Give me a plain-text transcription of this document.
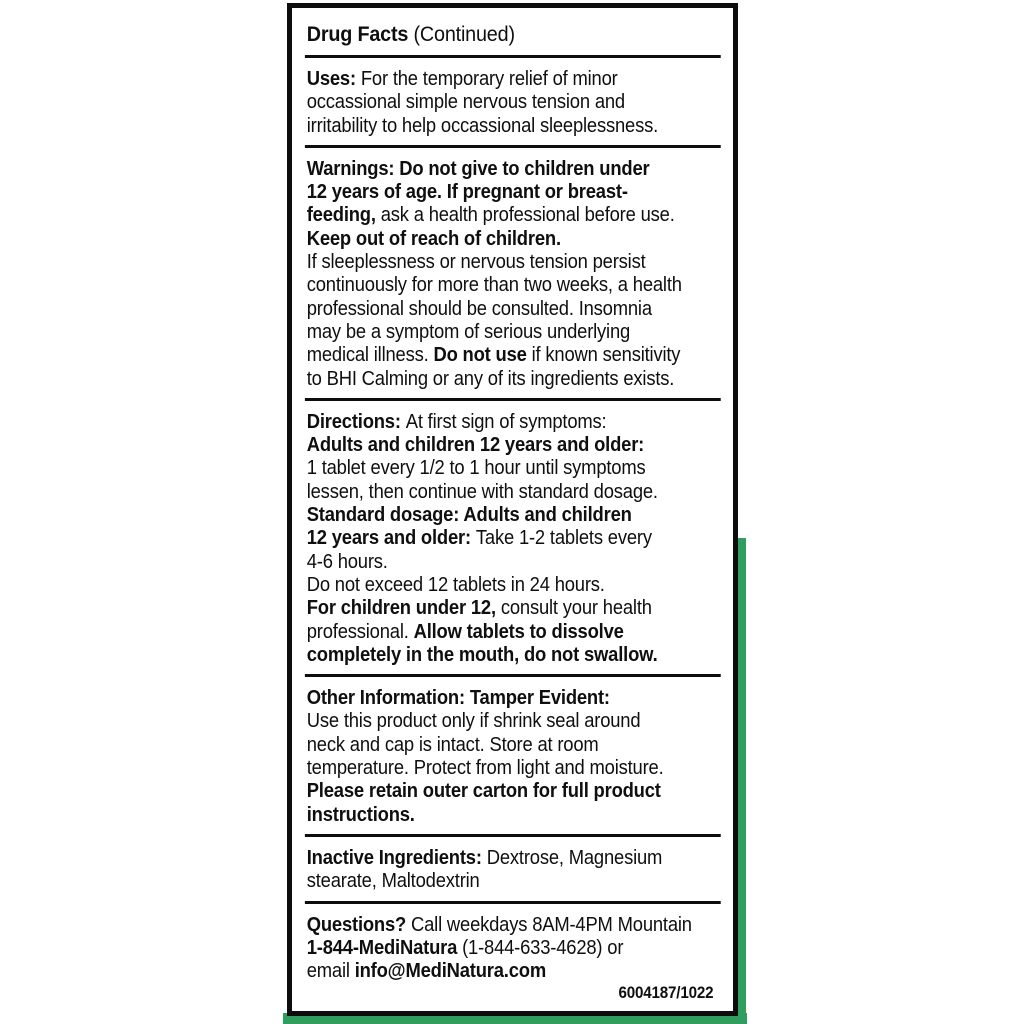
Drug Facts (Continued)
Uses: For the temporary relief of minor
occassional simple nervous tension and
irritability to help occassional sleeplessness.
Warnings: Do not give to children under
12 years of age. If pregnant or breast-
feeding, ask a health professional before use.
Keep out of reach of children.
If sleeplessness or nervous tension persist
continuously for more than two weeks, a health
professional should be consulted. Insomnia
may be a symptom of serious underlying
medical illness. Do not use if known sensitivity
to BHI Calming or any of its ingredients exists.
Directions: At first sign of symptoms:
Adults and children 12 years and older:
1 tablet every 1/2 to 1 hour until symptoms
lessen, then continue with standard dosage.
Standard dosage: Adults and children
12 years and older: Take 1-2 tablets every
4-6 hours.
Do not exceed 12 tablets in 24 hours.
For children under 12, consult your health
professional. Allow tablets to dissolve
completely in the mouth, do not swallow.
Other Information: Tamper Evident:
Use this product only if shrink seal around
neck and cap is intact. Store at room
temperature. Protect from light and moisture.
Please retain outer carton for full product
instructions.
Inactive Ingredients: Dextrose, Magnesium
stearate, Maltodextrin
Questions? Call weekdays 8AM-4PM Mountain
1-844-MediNatura (1-844-633-4628) or
email info@MediNatura.com
6004187/1022
